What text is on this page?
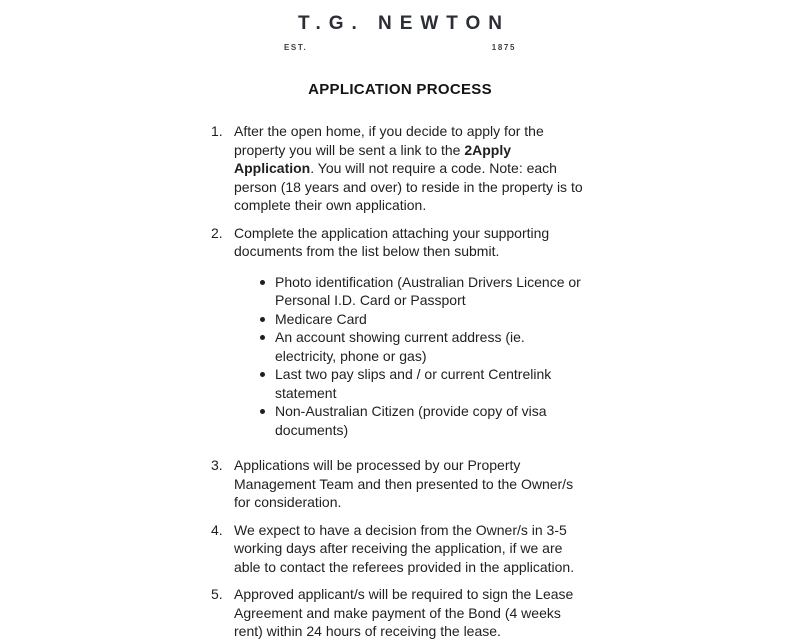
T.G. NEWTON
EST.	1875
APPLICATION PROCESS
1. After the open home, if you decide to apply for the property you will be sent a link to the 2Apply Application. You will not require a code. Note: each person (18 years and over) to reside in the property is to complete their own application.
2. Complete the application attaching your supporting documents from the list below then submit.
Photo identification (Australian Drivers Licence or Personal I.D. Card or Passport
Medicare Card
An account showing current address (ie. electricity, phone or gas)
Last two pay slips and / or current Centrelink statement
Non-Australian Citizen (provide copy of visa documents)
3. Applications will be processed by our Property Management Team and then presented to the Owner/s for consideration.
4. We expect to have a decision from the Owner/s in 3-5 working days after receiving the application, if we are able to contact the referees provided in the application.
5. Approved applicant/s will be required to sign the Lease Agreement and make payment of the Bond (4 weeks rent) within 24 hours of receiving the lease.
